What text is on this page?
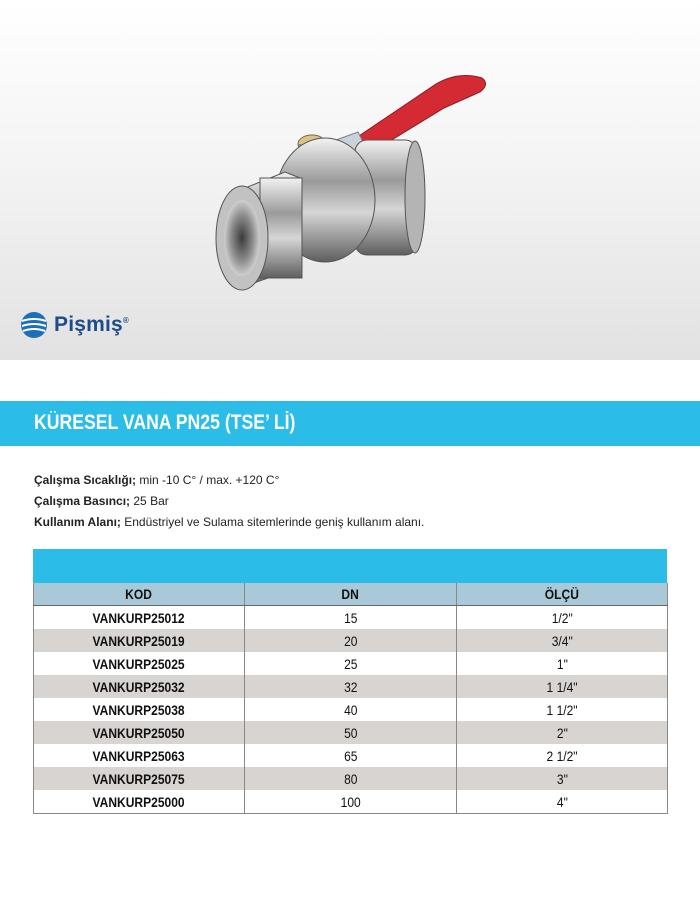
Pişmiş®
KÜRESEL VANA PN25 (TSE’ Lİ)
Çalışma Sıcaklığı; min -10 C° / max. +120 C°
Çalışma Basıncı; 25 Bar
Kullanım Alanı; Endüstriyel ve Sulama sitemlerinde geniş kullanım alanı.
KOD	DN	ÖLÇÜ
VANKURP25012	15	1/2"
VANKURP25019	20	3/4"
VANKURP25025	25	1"
VANKURP25032	32	1 1/4"
VANKURP25038	40	1 1/2"
VANKURP25050	50	2"
VANKURP25063	65	2 1/2"
VANKURP25075	80	3"
VANKURP25000	100	4"
